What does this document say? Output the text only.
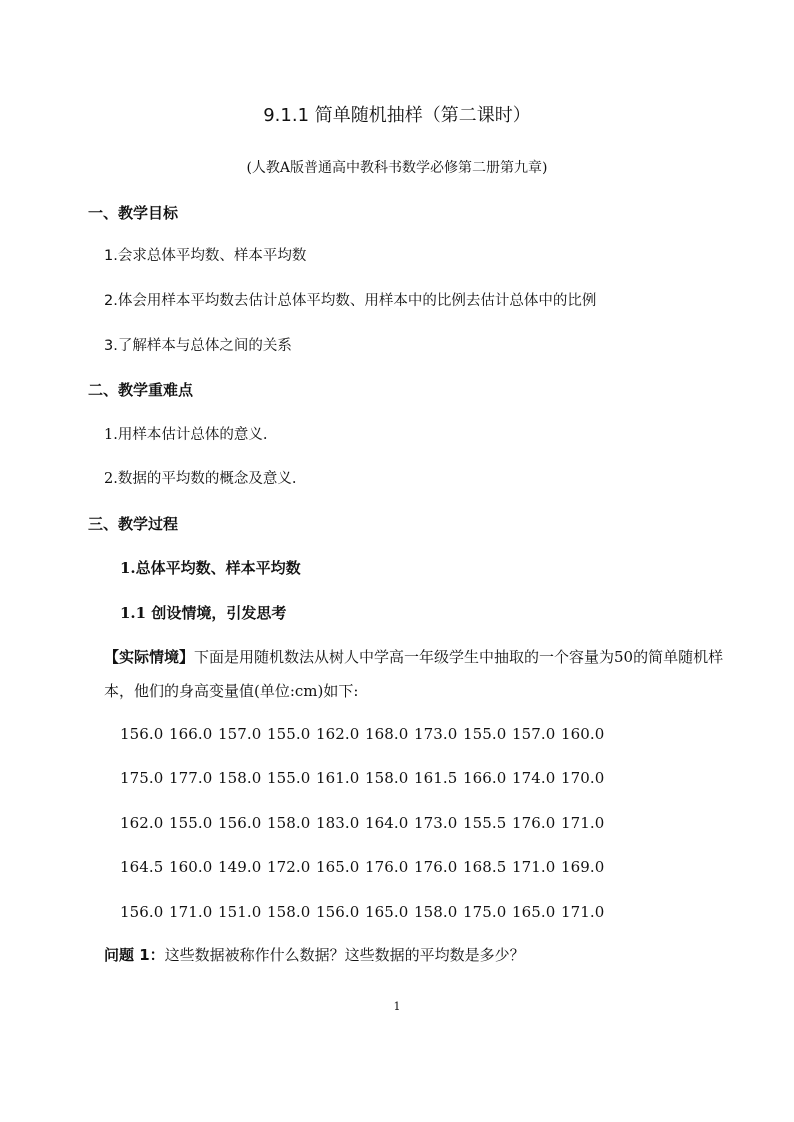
9.1.1 简单随机抽样（第二课时）
(人教A版普通高中教科书数学必修第二册第九章)
一、教学目标
1.会求总体平均数、样本平均数
2.体会用样本平均数去估计总体平均数、用样本中的比例去估计总体中的比例
3.了解样本与总体之间的关系
二、教学重难点
1.用样本估计总体的意义.
2.数据的平均数的概念及意义.
三、教学过程
1.总体平均数、样本平均数
1.1 创设情境，引发思考
【实际情境】下面是用随机数法从树人中学高一年级学生中抽取的一个容量为50的简单随机样本，他们的身高变量值(单位:cm)如下:
156.0 166.0 157.0 155.0 162.0 168.0 173.0 155.0 157.0 160.0
175.0 177.0 158.0 155.0 161.0 158.0 161.5 166.0 174.0 170.0
162.0 155.0 156.0 158.0 183.0 164.0 173.0 155.5 176.0 171.0
164.5 160.0 149.0 172.0 165.0 176.0 176.0 168.5 171.0 169.0
156.0 171.0 151.0 158.0 156.0 165.0 158.0 175.0 165.0 171.0
问题 1：这些数据被称作什么数据？这些数据的平均数是多少？
1
